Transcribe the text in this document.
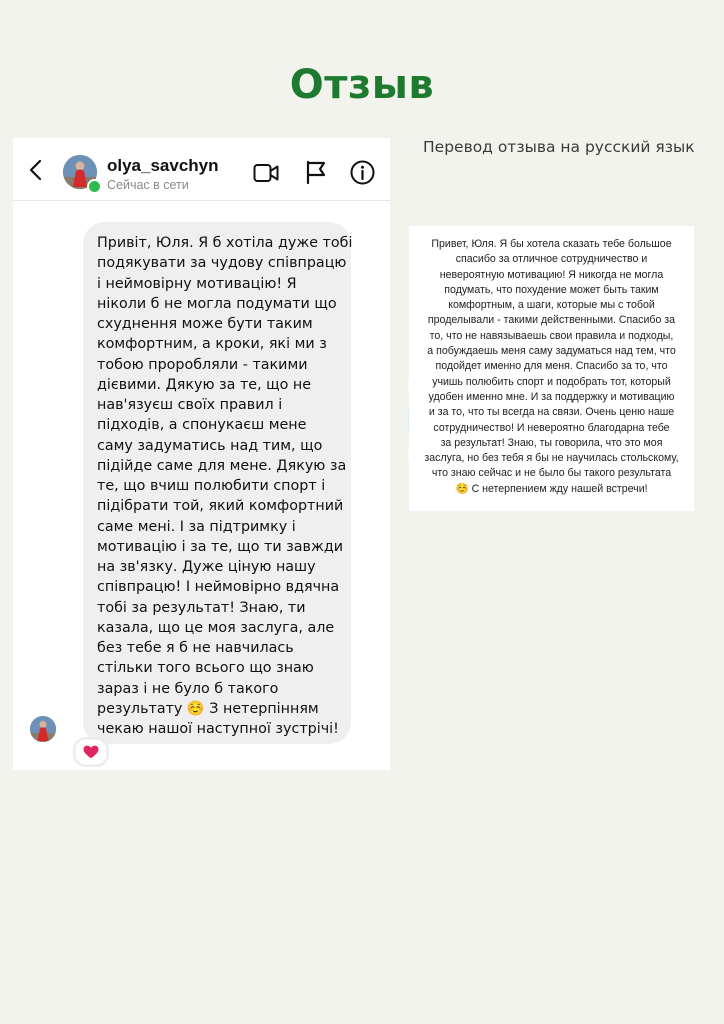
Отзыв
Перевод отзыва на русский язык
olya_savchyn
Сейчас в сети
Привіт, Юля. Я б хотіла дуже тобі
подякувати за чудову співпрацю
і неймовірну мотивацію! Я
ніколи б не могла подумати що
схуднення може бути таким
комфортним, а кроки, які ми з
тобою проробляли - такими
дієвими. Дякую за те, що не
нав'язуєш своїх правил і
підходів, а спонукаєш мене
саму задуматись над тим, що
підійде саме для мене. Дякую за
те, що вчиш полюбити спорт і
підібрати той, який комфортний
саме мені. І за підтримку і
мотивацію і за те, що ти завжди
на зв'язку. Дуже ціную нашу
співпрацю! І неймовірно вдячна
тобі за результат! Знаю, ти
казала, що це моя заслуга, але
без тебе я б не навчилась
стільки того всього що знаю
зараз і не було б такого
результату ☺️ З нетерпінням
чекаю нашої наступної зустрічі!
Привет, Юля. Я бы хотела сказать тебе большое
спасибо за отличное сотрудничество и
невероятную мотивацию! Я никогда не могла
подумать, что похудение может быть таким
комфортным, а шаги, которые мы с тобой
проделывали - такими действенными. Спасибо за
то, что не навязываешь свои правила и подходы,
а побуждаешь меня саму задуматься над тем, что
подойдет именно для меня. Спасибо за то, что
учишь полюбить спорт и подобрать тот, который
удобен именно мне. И за поддержку и мотивацию
и за то, что ты всегда на связи. Очень ценю наше
сотрудничество! И невероятно благодарна тебе
за результат! Знаю, ты говорила, что это моя
заслуга, но без тебя я бы не научилась стольскому,
что знаю сейчас и не было бы такого результата
☺️ С нетерпением жду нашей встречи!
